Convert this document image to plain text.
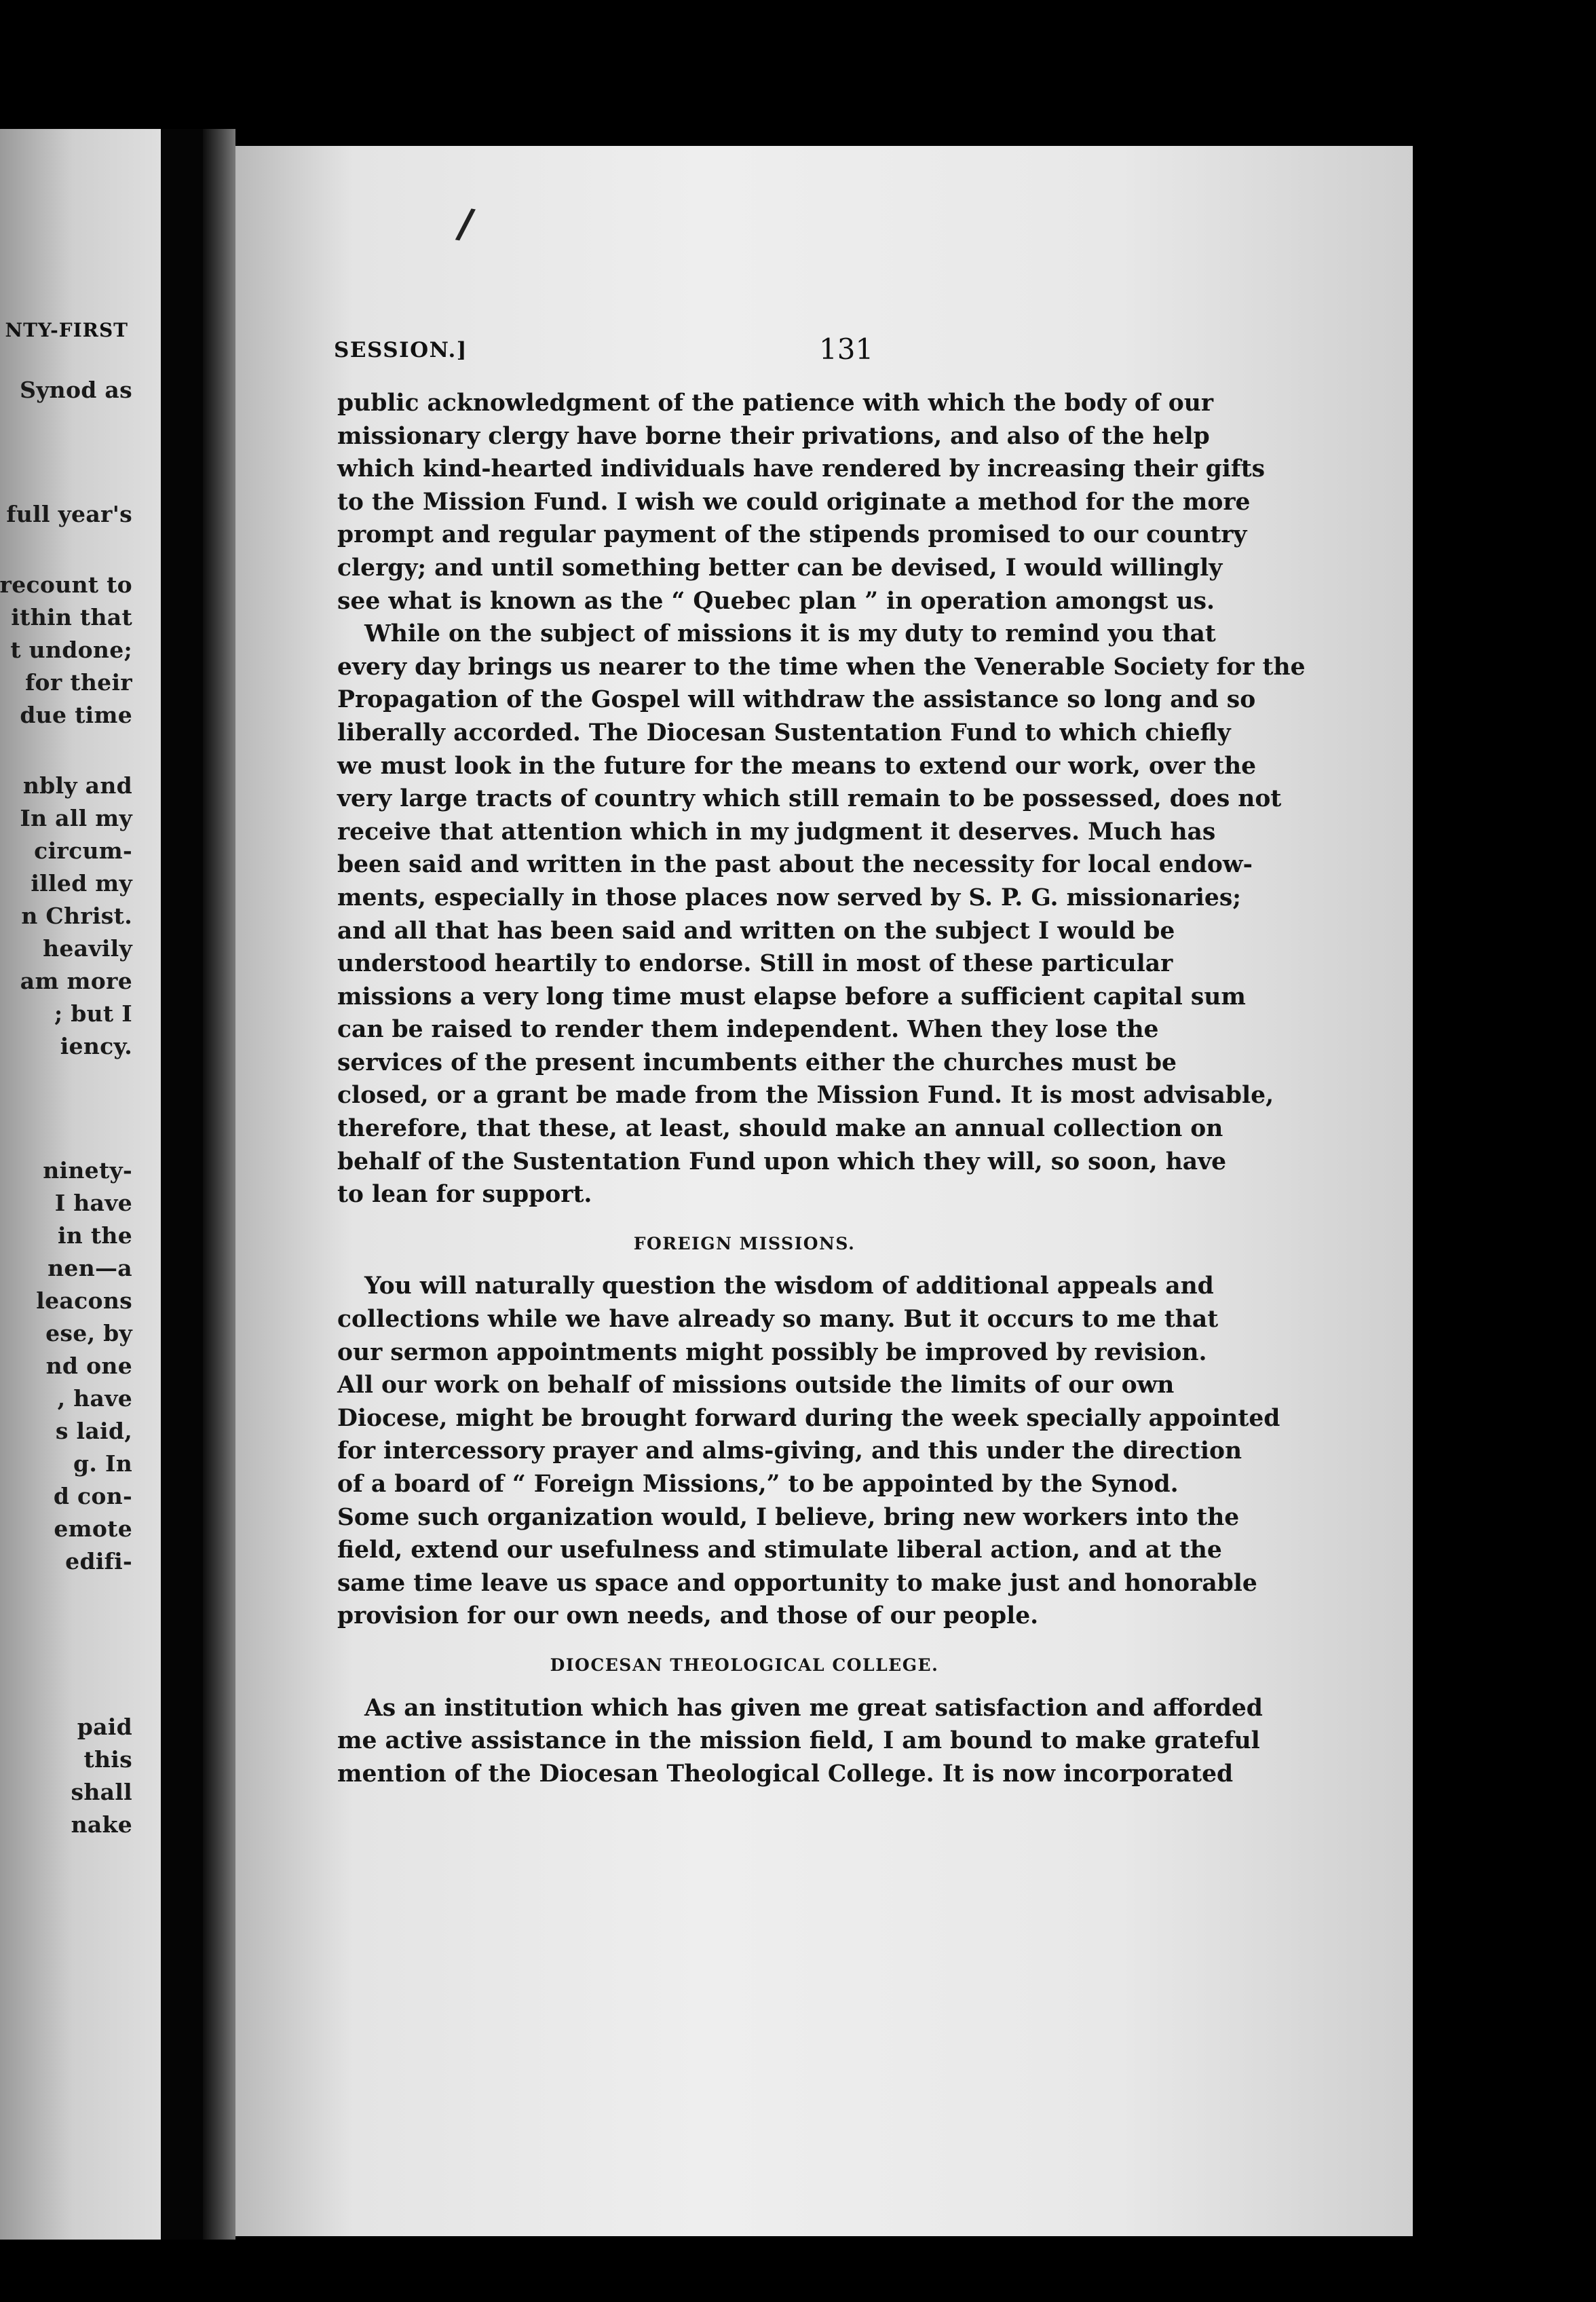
NTY-FIRST
Synod as
full year's
recount to
ithin that
t undone;
for their
due time
nbly and
In all my
circum-
illed my
n Christ.
heavily
am more
; but I
iency.
ninety-
I have
in the
nen—a
leacons
ese, by
nd one
, have
s laid,
g. In
d con-
emote
edifi-
paid
this
shall
nake
/
SESSION.]	131
public acknowledgment of the patience with which the body of our
missionary clergy have borne their privations, and also of the help
which kind-hearted individuals have rendered by increasing their gifts
to the Mission Fund. I wish we could originate a method for the more
prompt and regular payment of the stipends promised to our country
clergy; and until something better can be devised, I would willingly
see what is known as the “ Quebec plan ” in operation amongst us.
While on the subject of missions it is my duty to remind you that
every day brings us nearer to the time when the Venerable Society for the
Propagation of the Gospel will withdraw the assistance so long and so
liberally accorded. The Diocesan Sustentation Fund to which chiefly
we must look in the future for the means to extend our work, over the
very large tracts of country which still remain to be possessed, does not
receive that attention which in my judgment it deserves. Much has
been said and written in the past about the necessity for local endow-
ments, especially in those places now served by S. P. G. missionaries;
and all that has been said and written on the subject I would be
understood heartily to endorse. Still in most of these particular
missions a very long time must elapse before a sufficient capital sum
can be raised to render them independent. When they lose the
services of the present incumbents either the churches must be
closed, or a grant be made from the Mission Fund. It is most advisable,
therefore, that these, at least, should make an annual collection on
behalf of the Sustentation Fund upon which they will, so soon, have
to lean for support.
FOREIGN MISSIONS.
You will naturally question the wisdom of additional appeals and
collections while we have already so many. But it occurs to me that
our sermon appointments might possibly be improved by revision.
All our work on behalf of missions outside the limits of our own
Diocese, might be brought forward during the week specially appointed
for intercessory prayer and alms-giving, and this under the direction
of a board of “ Foreign Missions,” to be appointed by the Synod.
Some such organization would, I believe, bring new workers into the
field, extend our usefulness and stimulate liberal action, and at the
same time leave us space and opportunity to make just and honorable
provision for our own needs, and those of our people.
DIOCESAN THEOLOGICAL COLLEGE.
As an institution which has given me great satisfaction and afforded
me active assistance in the mission field, I am bound to make grateful
mention of the Diocesan Theological College. It is now incorporated
